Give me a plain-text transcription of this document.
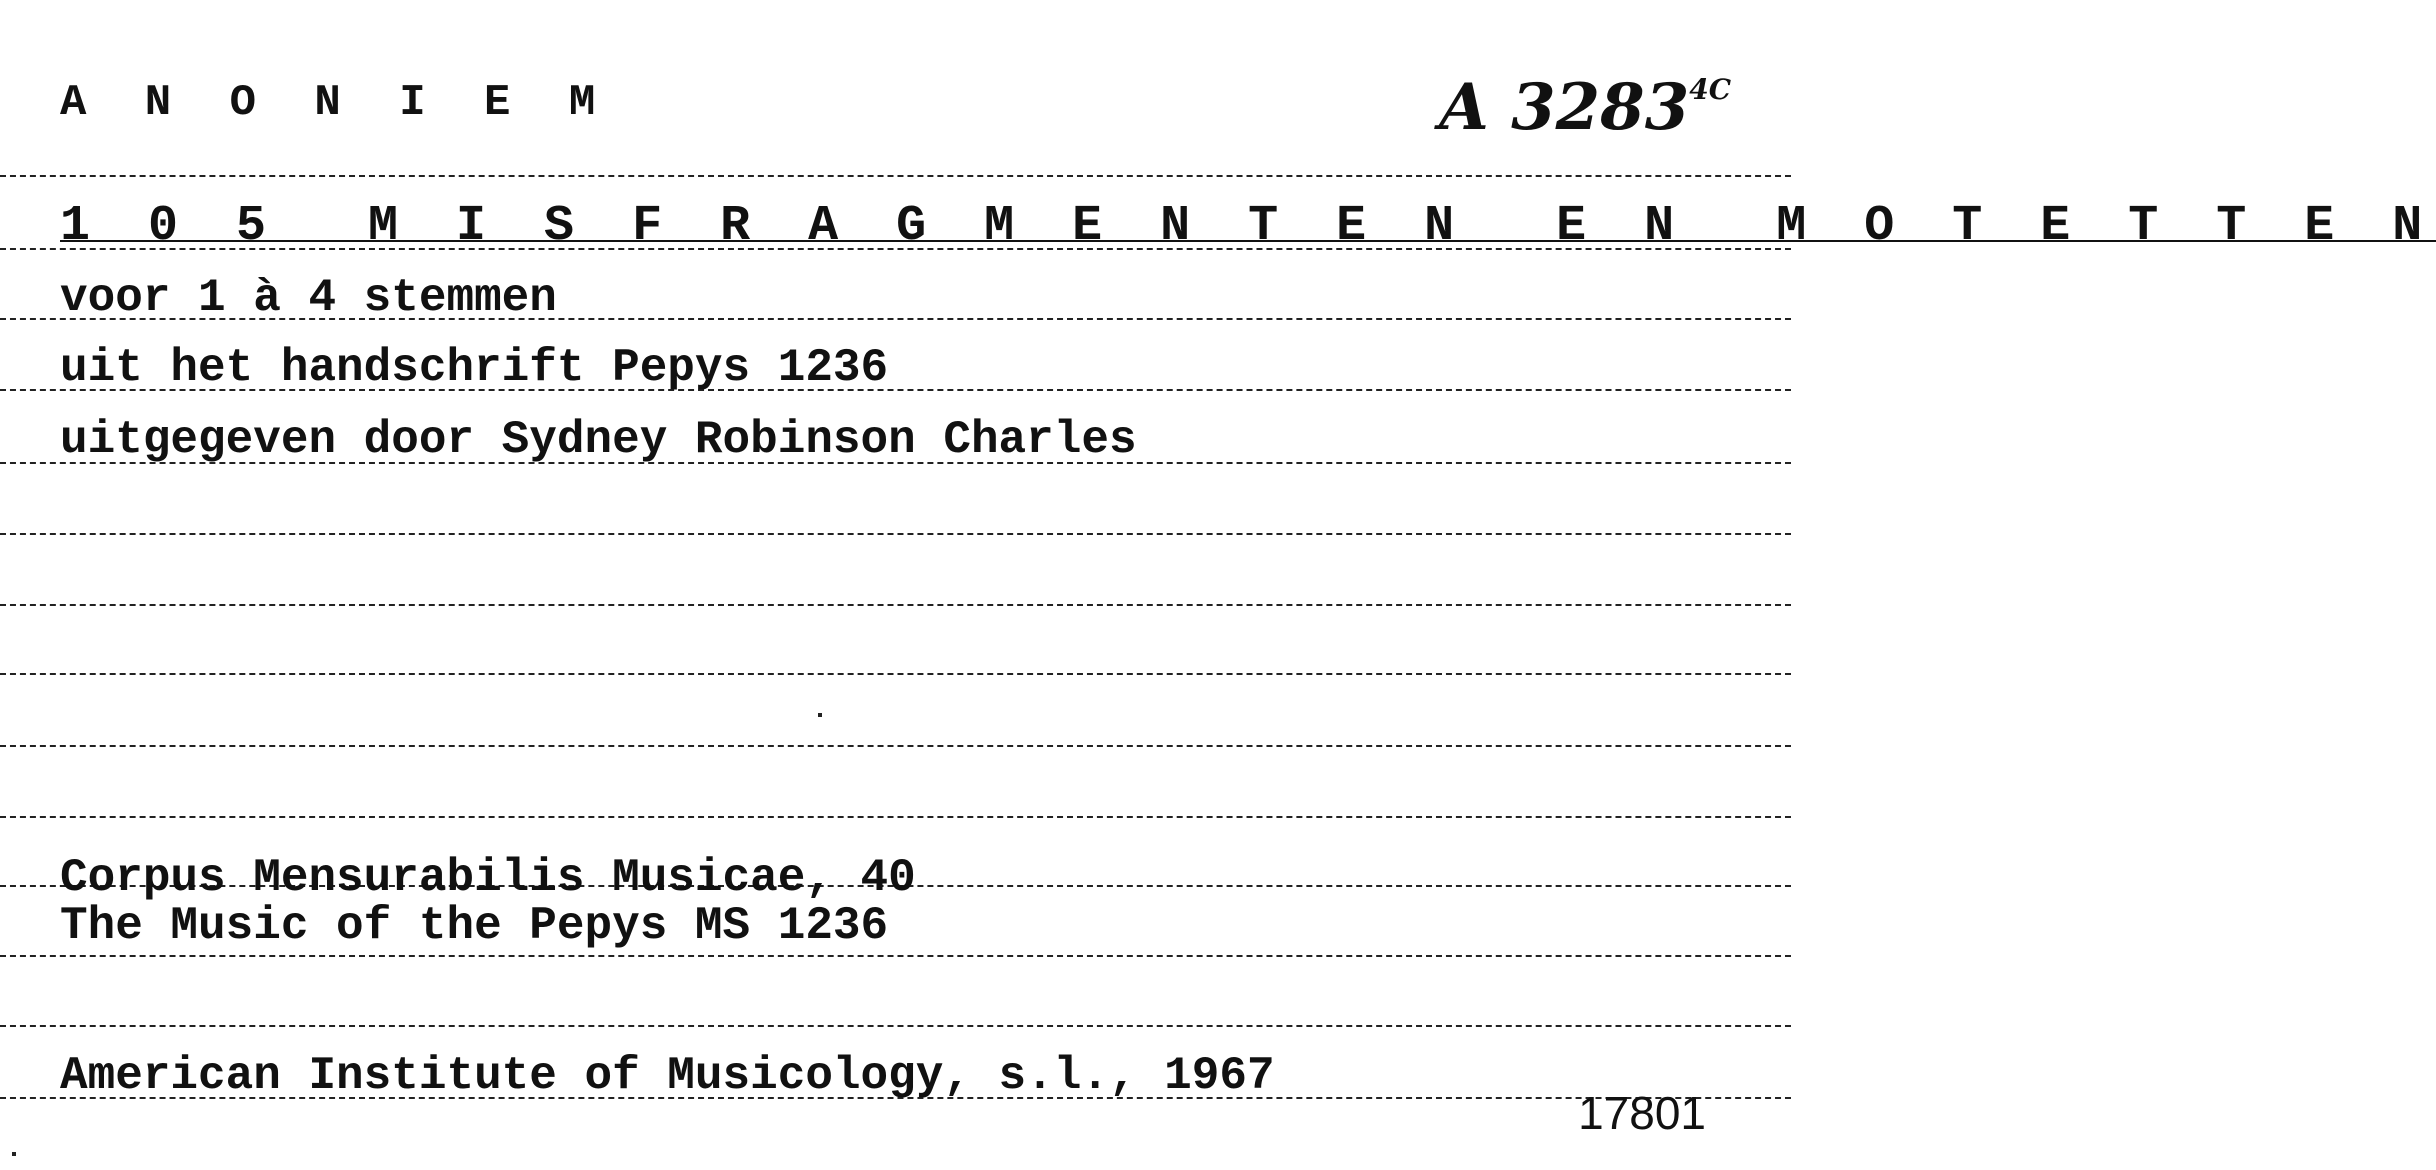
A N O N I E M	A $3283^{4C}$
1 0 5  M I S F R A G M E N T E N  E N  M O T E T T E N
voor 1 à 4 stemmen
uit het handschrift Pepys 1236
uitgegeven door Sydney Robinson Charles
Corpus Mensurabilis Musicae, 40
The Music of the Pepys MS 1236
American Institute of Musicology, s.l., 1967
17801
